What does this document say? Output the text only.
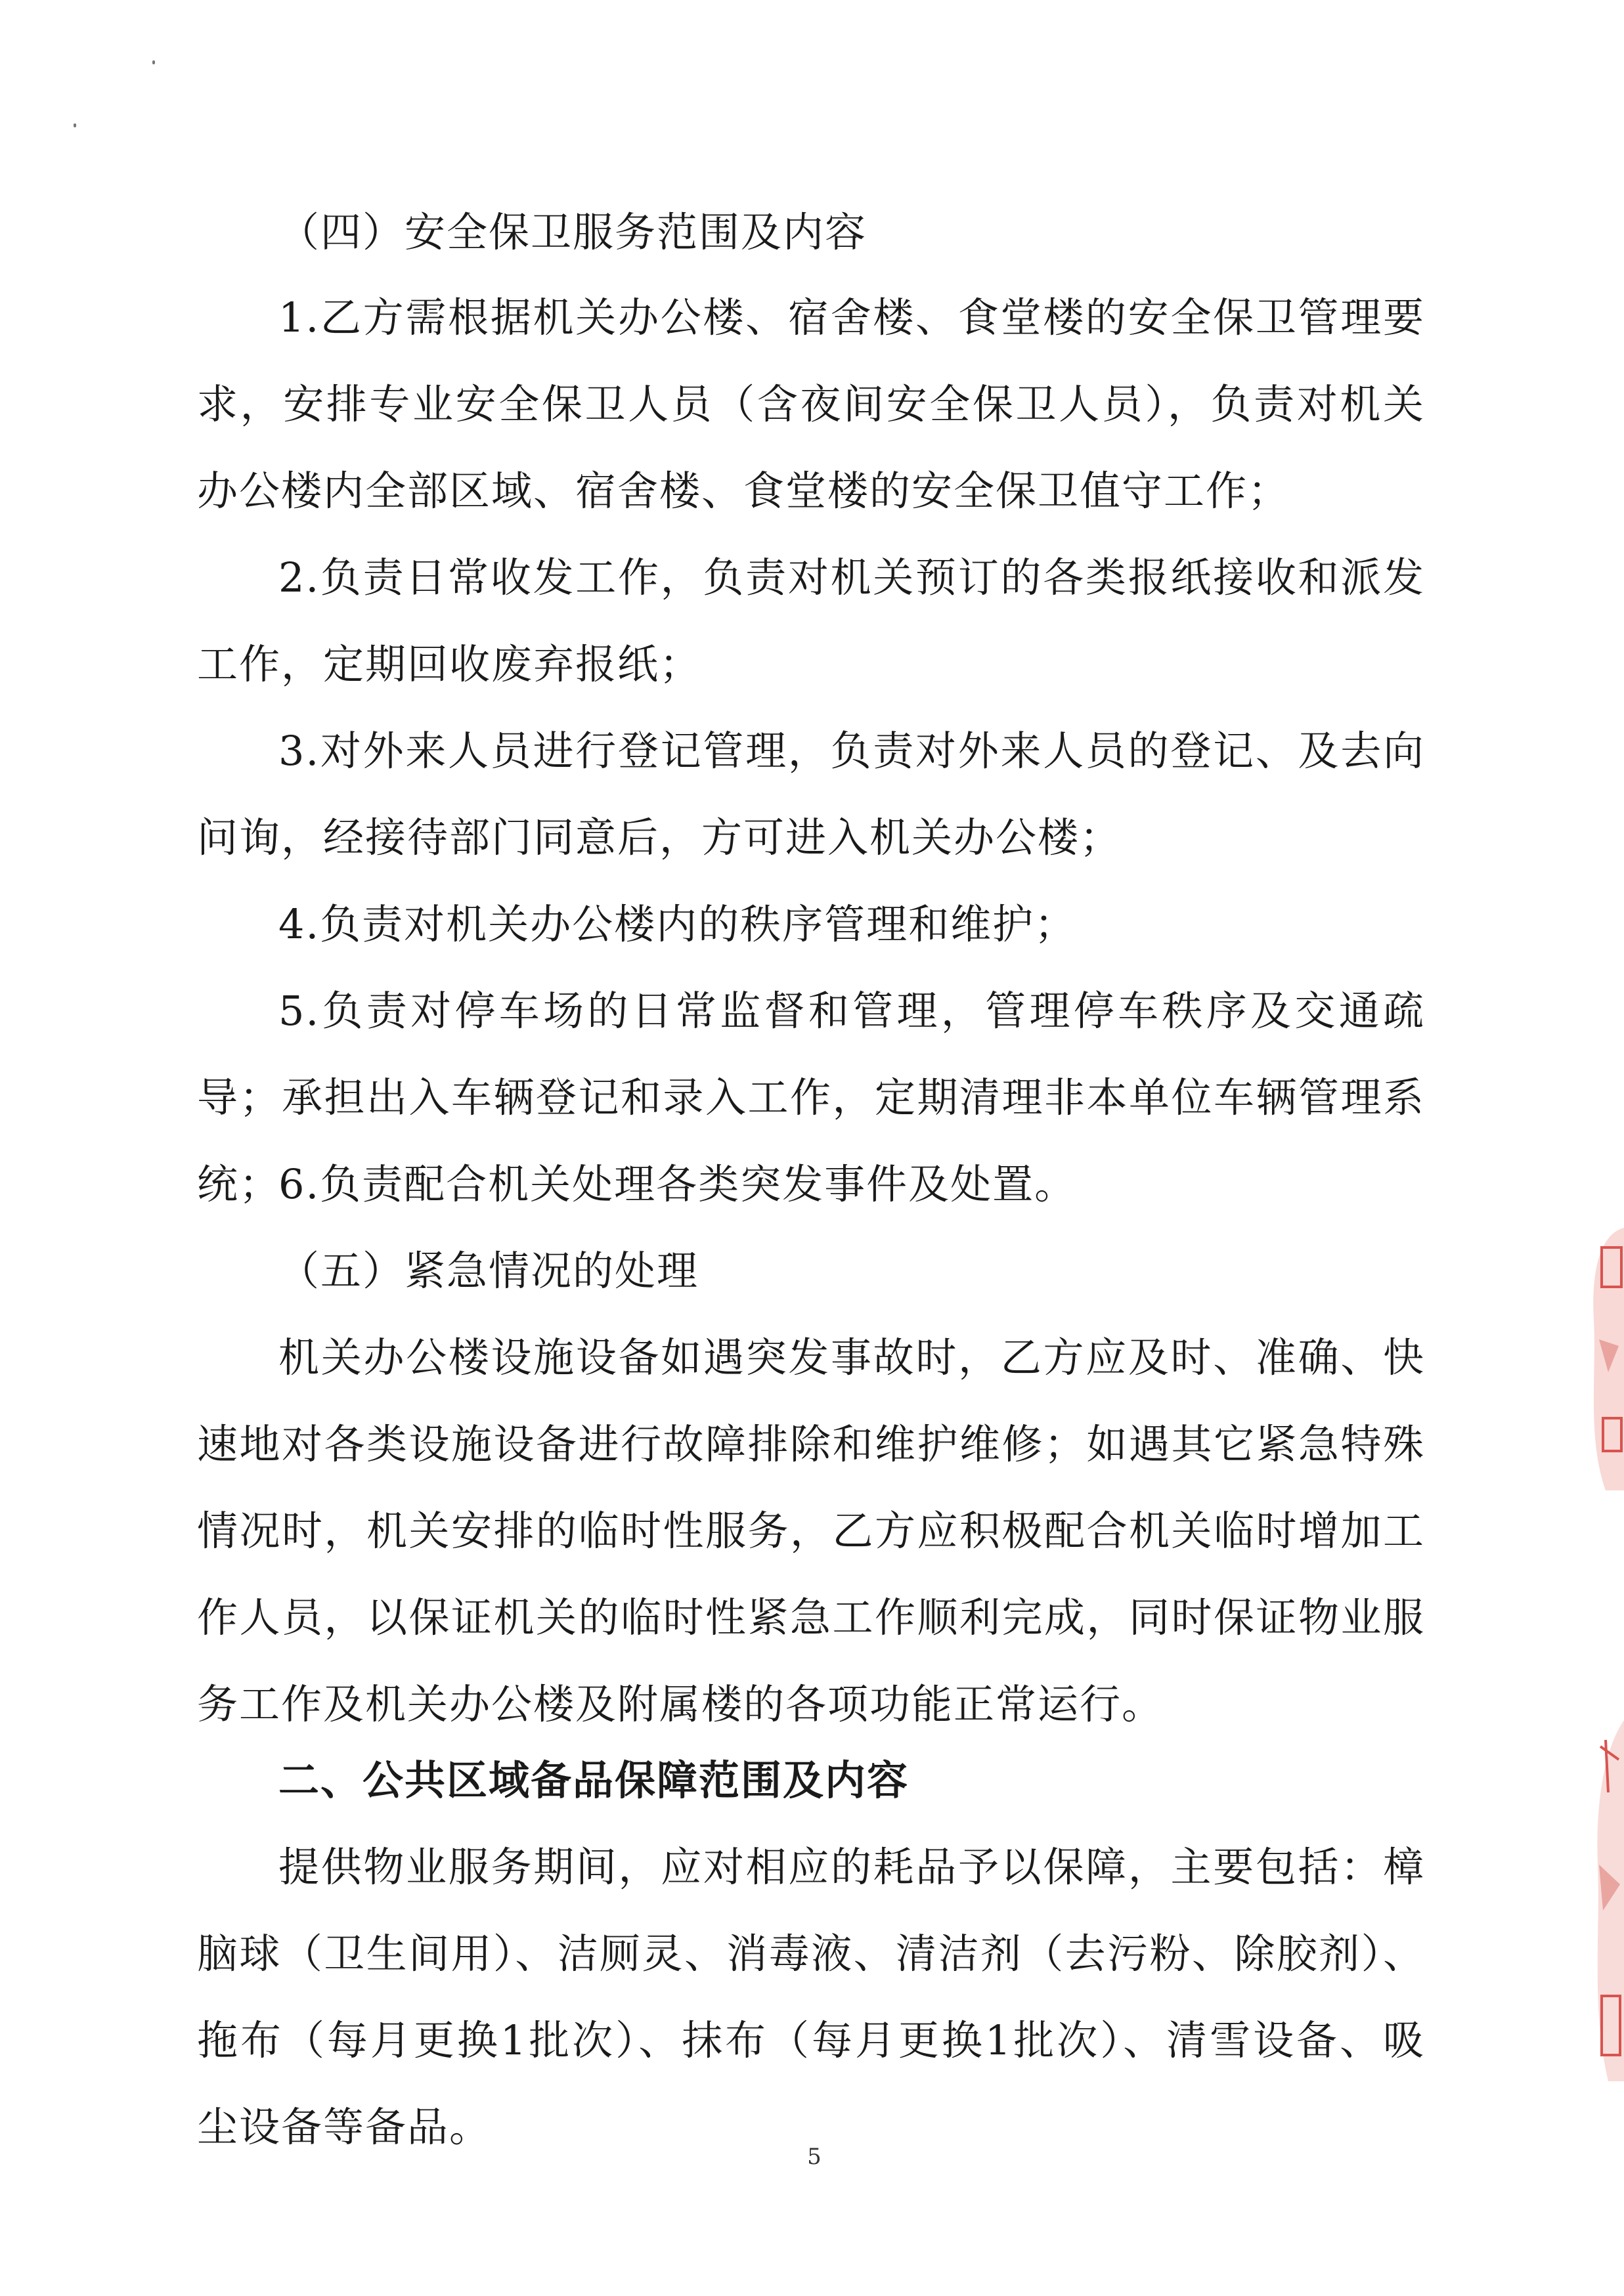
（四）安全保卫服务范围及内容

1.乙方需根据机关办公楼、宿舍楼、食堂楼的安全保卫管理要求，安排专业安全保卫人员（含夜间安全保卫人员），负责对机关办公楼内全部区域、宿舍楼、食堂楼的安全保卫值守工作；

2.负责日常收发工作，负责对机关预订的各类报纸接收和派发工作，定期回收废弃报纸；

3.对外来人员进行登记管理，负责对外来人员的登记、及去向问询，经接待部门同意后，方可进入机关办公楼；

4.负责对机关办公楼内的秩序管理和维护；

5.负责对停车场的日常监督和管理，管理停车秩序及交通疏导；承担出入车辆登记和录入工作，定期清理非本单位车辆管理系统；

6.负责配合机关处理各类突发事件及处置。

（五）紧急情况的处理

机关办公楼设施设备如遇突发事故时，乙方应及时、准确、快速地对各类设施设备进行故障排除和维护维修；如遇其它紧急特殊情况时，机关安排的临时性服务，乙方应积极配合机关临时增加工作人员，以保证机关的临时性紧急工作顺利完成，同时保证物业服务工作及机关办公楼及附属楼的各项功能正常运行。

二、公共区域备品保障范围及内容

提供物业服务期间，应对相应的耗品予以保障，主要包括：樟脑球（卫生间用）、洁厕灵、消毒液、清洁剂（去污粉、除胶剂）、拖布（每月更换1批次）、抹布（每月更换1批次）、清雪设备、吸尘设备等备品。

5
